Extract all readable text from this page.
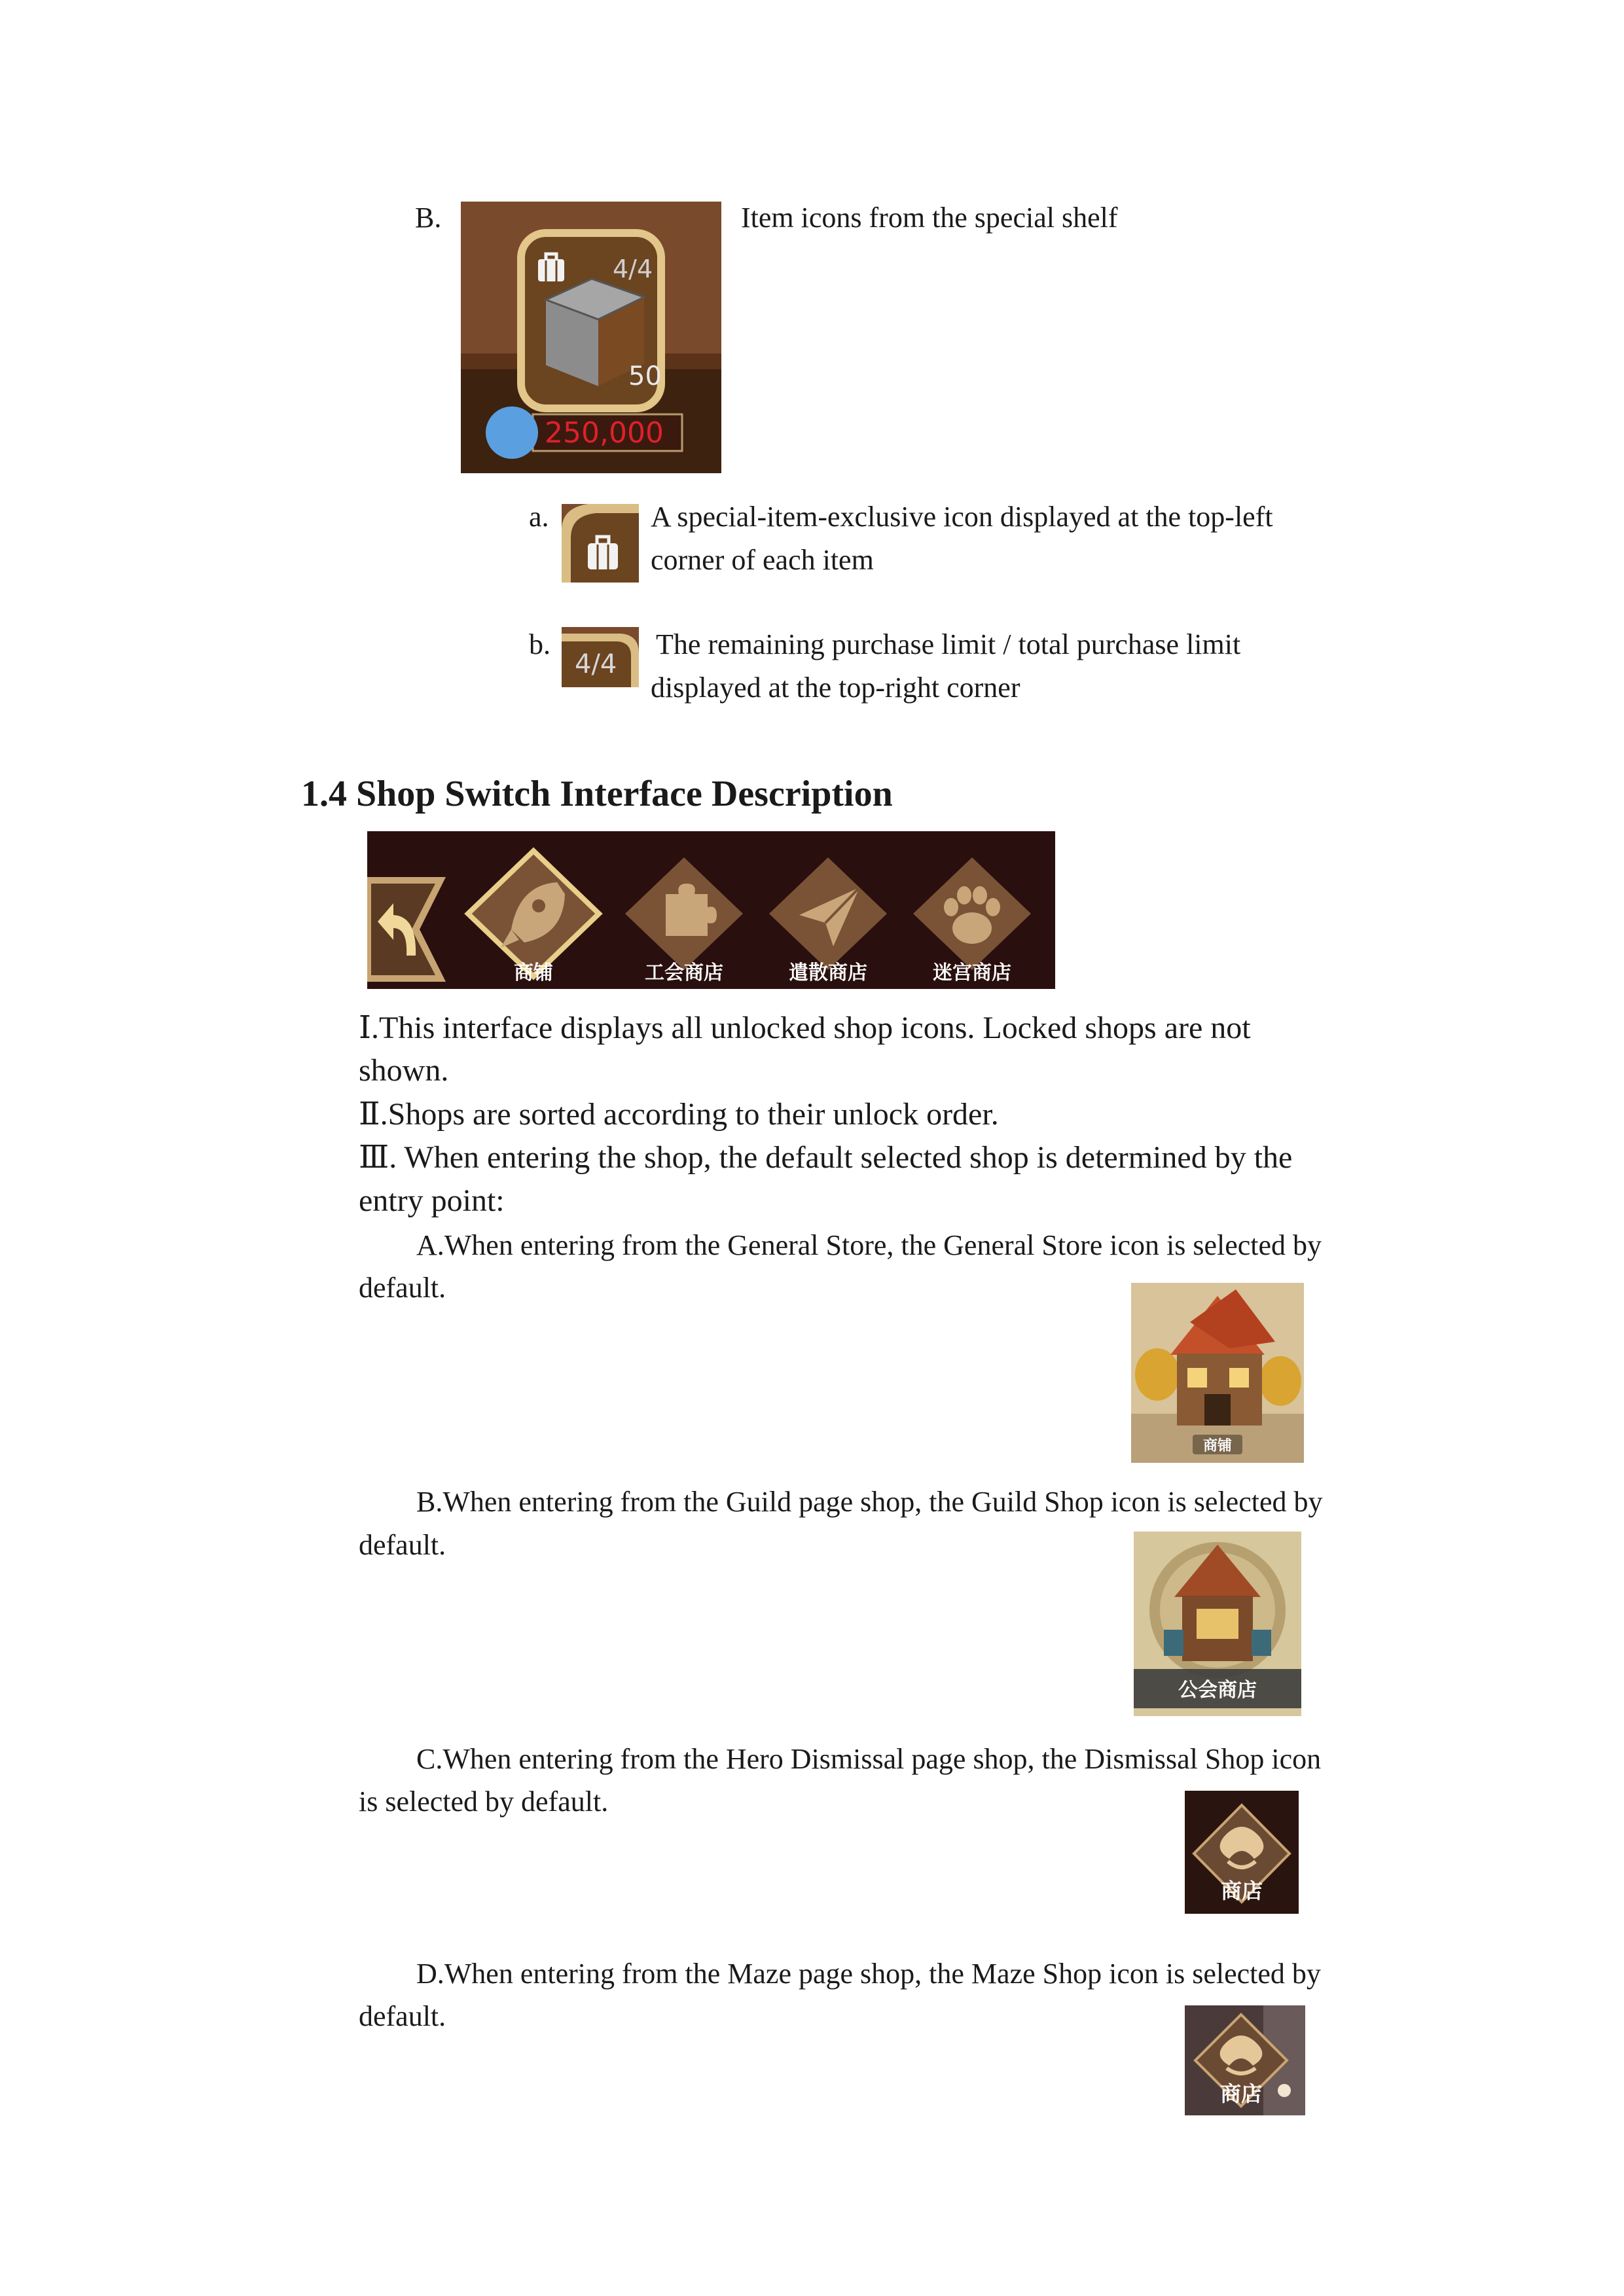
B.
4/4
50
250,000
Item icons from the special shelf
a.	A special-item-exclusive icon displayed at the top-left
corner of each item
b.
4/4
The remaining purchase limit / total purchase limit
displayed at the top-right corner
1.4 Shop Switch Interface Description
商铺	工会商店	遣散商店	迷宫商店
Ⅰ.This interface displays all unlocked shop icons. Locked shops are not
shown.
Ⅱ.Shops are sorted according to their unlock order.
Ⅲ. When entering the shop, the default selected shop is determined by the
entry point:
A.When entering from the General Store, the General Store icon is selected by
default.
商铺
B.When entering from the Guild page shop, the Guild Shop icon is selected by
default.
公会商店
C.When entering from the Hero Dismissal page shop, the Dismissal Shop icon
is selected by default.
商店
D.When entering from the Maze page shop, the Maze Shop icon is selected by
default.
商店
